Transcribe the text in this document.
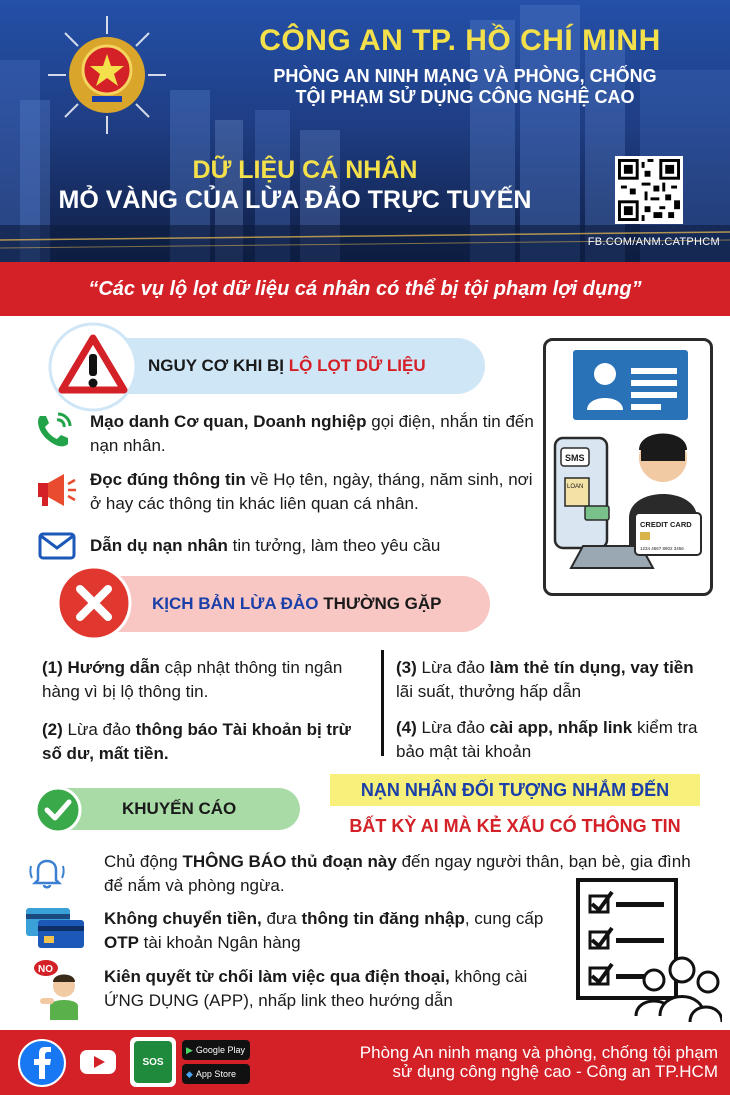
CÔNG AN TP. HỒ CHÍ MINH
PHÒNG AN NINH MẠNG VÀ PHÒNG, CHỐNG
TỘI PHẠM SỬ DỤNG CÔNG NGHỆ CAO
DỮ LIỆU CÁ NHÂN
MỎ VÀNG CỦA LỪA ĐẢO TRỰC TUYẾN
FB.COM/ANM.CATPHCM
“Các vụ lộ lọt dữ liệu cá nhân có thể bị tội phạm lợi dụng”
NGUY CƠ KHI BỊ LỘ LỌT DỮ LIỆU
Mạo danh Cơ quan, Doanh nghiệp gọi điện, nhắn tin đến nạn nhân.
Đọc đúng thông tin về Họ tên, ngày, tháng, năm sinh, nơi ở hay các thông tin khác liên quan cá nhân.
Dẫn dụ nạn nhân tin tưởng, làm theo yêu cầu
SMS
LOAN
CREDIT CARD
1234 4567 8902 3456
KỊCH BẢN LỪA ĐẢO THƯỜNG GẶP
(1) Hướng dẫn cập nhật thông tin ngân hàng vì bị lộ thông tin.
(2) Lừa đảo thông báo Tài khoản bị trừ số dư, mất tiền.
(3) Lừa đảo làm thẻ tín dụng, vay tiền lãi suất, thưởng hấp dẫn
(4) Lừa đảo cài app, nhấp link kiểm tra bảo mật tài khoản
NẠN NHÂN ĐỐI TƯỢNG NHẮM ĐẾN
BẤT KỲ AI MÀ KẺ XẤU CÓ THÔNG TIN
KHUYẾN CÁO
Chủ động THÔNG BÁO thủ đoạn này đến ngay người thân, bạn bè, gia đình để nắm và phòng ngừa.
Không chuyển tiền, đưa thông tin đăng nhập, cung cấp OTP tài khoản Ngân hàng
NO	Kiên quyết từ chối làm việc qua điện thoại, không cài ỨNG DỤNG (APP), nhấp link theo hướng dẫn
SOS
▶ Google Play
◆ App Store
Phòng An ninh mạng và phòng, chống tội phạm
sử dụng công nghệ cao - Công an TP.HCM
